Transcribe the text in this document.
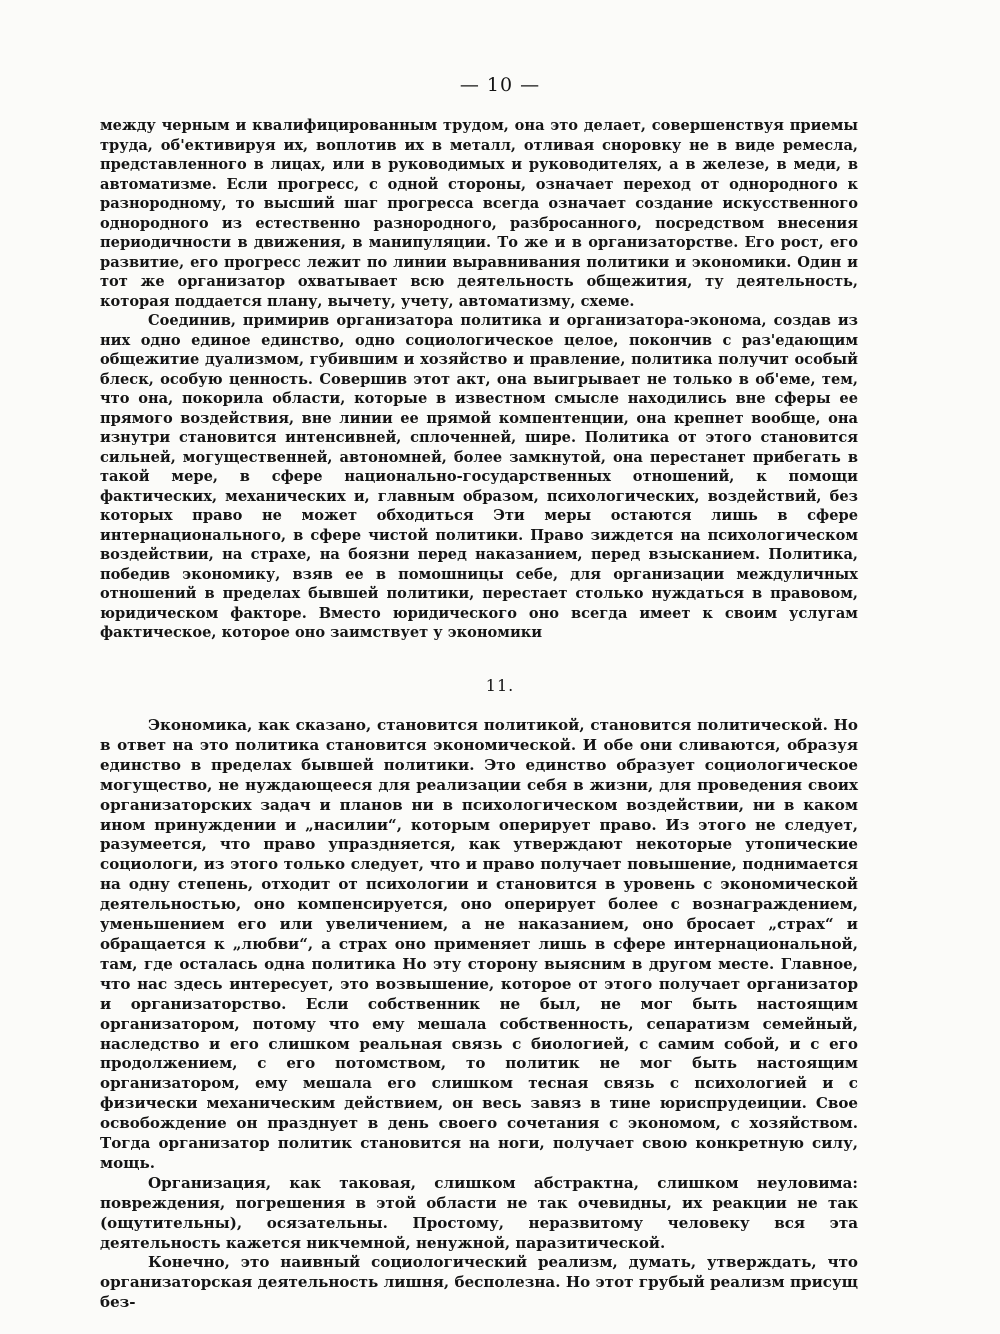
— 10 —

между черным и квалифицированным трудом, она это делает, совершенствуя приемы труда, об'ективируя их, воплотив их в металл, отливая сноровку не в виде ремесла, представленного в лицах, или в руководимых и руководителях, а в железе, в меди, в автоматизме. Если прогресс, с одной стороны, означает переход от однородного к разнородному, то высший шаг прогресса всегда означает создание искусственного однородного из естественно разнородного, разбросанного, посредством внесения периодичности в движения, в манипуляции. То же и в организаторстве. Его рост, его развитие, его прогресс лежит по линии выравнивания политики и экономики. Один и тот же организатор охватывает всю деятельность общежития, ту деятельность, которая поддается плану, вычету, учету, автоматизму, схеме.

Соединив, примирив организатора политика и организатора-эконома, создав из них одно единое единство, одно социологическое целое, покончив с раз'едающим общежитие дуализмом, губившим и хозяйство и правление, политика получит особый блеск, особую ценность. Совершив этот акт, она выигрывает не только в об'еме, тем, что она, покорила области, которые в известном смысле находились вне сферы ее прямого воздействия, вне линии ее прямой компентенции, она крепнет вообще, она изнутри становится интенсивней, сплоченней, шире. Политика от этого становится сильней, могущественней, автономней, более замкнутой, она перестанет прибегать в такой мере, в сфере национально-государственных отношений, к помощи фактических, механических и, главным образом, психологических, воздействий, без которых право не может обходиться Эти меры остаются лишь в сфере интернационального, в сфере чистой политики. Право зиждется на психологическом воздействии, на страхе, на боязни перед наказанием, перед взысканием. Политика, победив экономику, взяв ее в помошницы себе, для организации междуличных отношений в пределах бывшей политики, перестает столько нуждаться в правовом, юридическом факторе. Вместо юридического оно всегда имеет к своим услугам фактическое, которое оно заимствует у экономики

11.

Экономика, как сказано, становится политикой, становится политической. Но в ответ на это политика становится экономической. И обе они сливаются, образуя единство в пределах бывшей политики. Это единство образует социологическое могущество, не нуждающееся для реализации себя в жизни, для проведения своих организаторских задач и планов ни в психологическом воздействии, ни в каком ином принуждении и „насилии“, которым оперирует право. Из этого не следует, разумеется, что право упраздняется, как утверждают некоторые утопические социологи, из этого только следует, что и право получает повышение, поднимается на одну степень, отходит от психологии и становится в уровень с экономической деятельностью, оно компенсируется, оно оперирует более с вознаграждением, уменьшением его или увеличением, а не наказанием, оно бросает „страх“ и обращается к „любви“, а страх оно применяет лишь в сфере интернациональной, там, где осталась одна политика Но эту сторону выясним в другом месте. Главное, что нас здесь интересует, это возвышение, которое от этого получает организатор и организаторство. Если собственник не был, не мог быть настоящим организатором, потому что ему мешала собственность, сепаратизм семейный, наследство и его слишком реальная связь с биологией, с самим собой, и с его продолжением, с его потомством, то политик не мог быть настоящим организатором, ему мешала его слишком тесная связь с психологией и с физически механическим действием, он весь завяз в тине юриспрудеиции. Свое освобождение он празднует в день своего сочетания с экономом, с хозяйством. Тогда организатор политик становится на ноги, получает свою конкретную силу, мощь.

Организация, как таковая, слишком абстрактна, слишком неуловима: повреждения, погрешения в этой области не так очевидны, их реакции не так (ощутительны), осязательны. Простому, неразвитому человеку вся эта деятельность кажется никчемной, ненужной, паразитической.

Конечно, это наивный социологический реализм, думать, утверждать, что организаторская деятельность лишня, бесполезна. Но этот грубый реализм присущ без-
